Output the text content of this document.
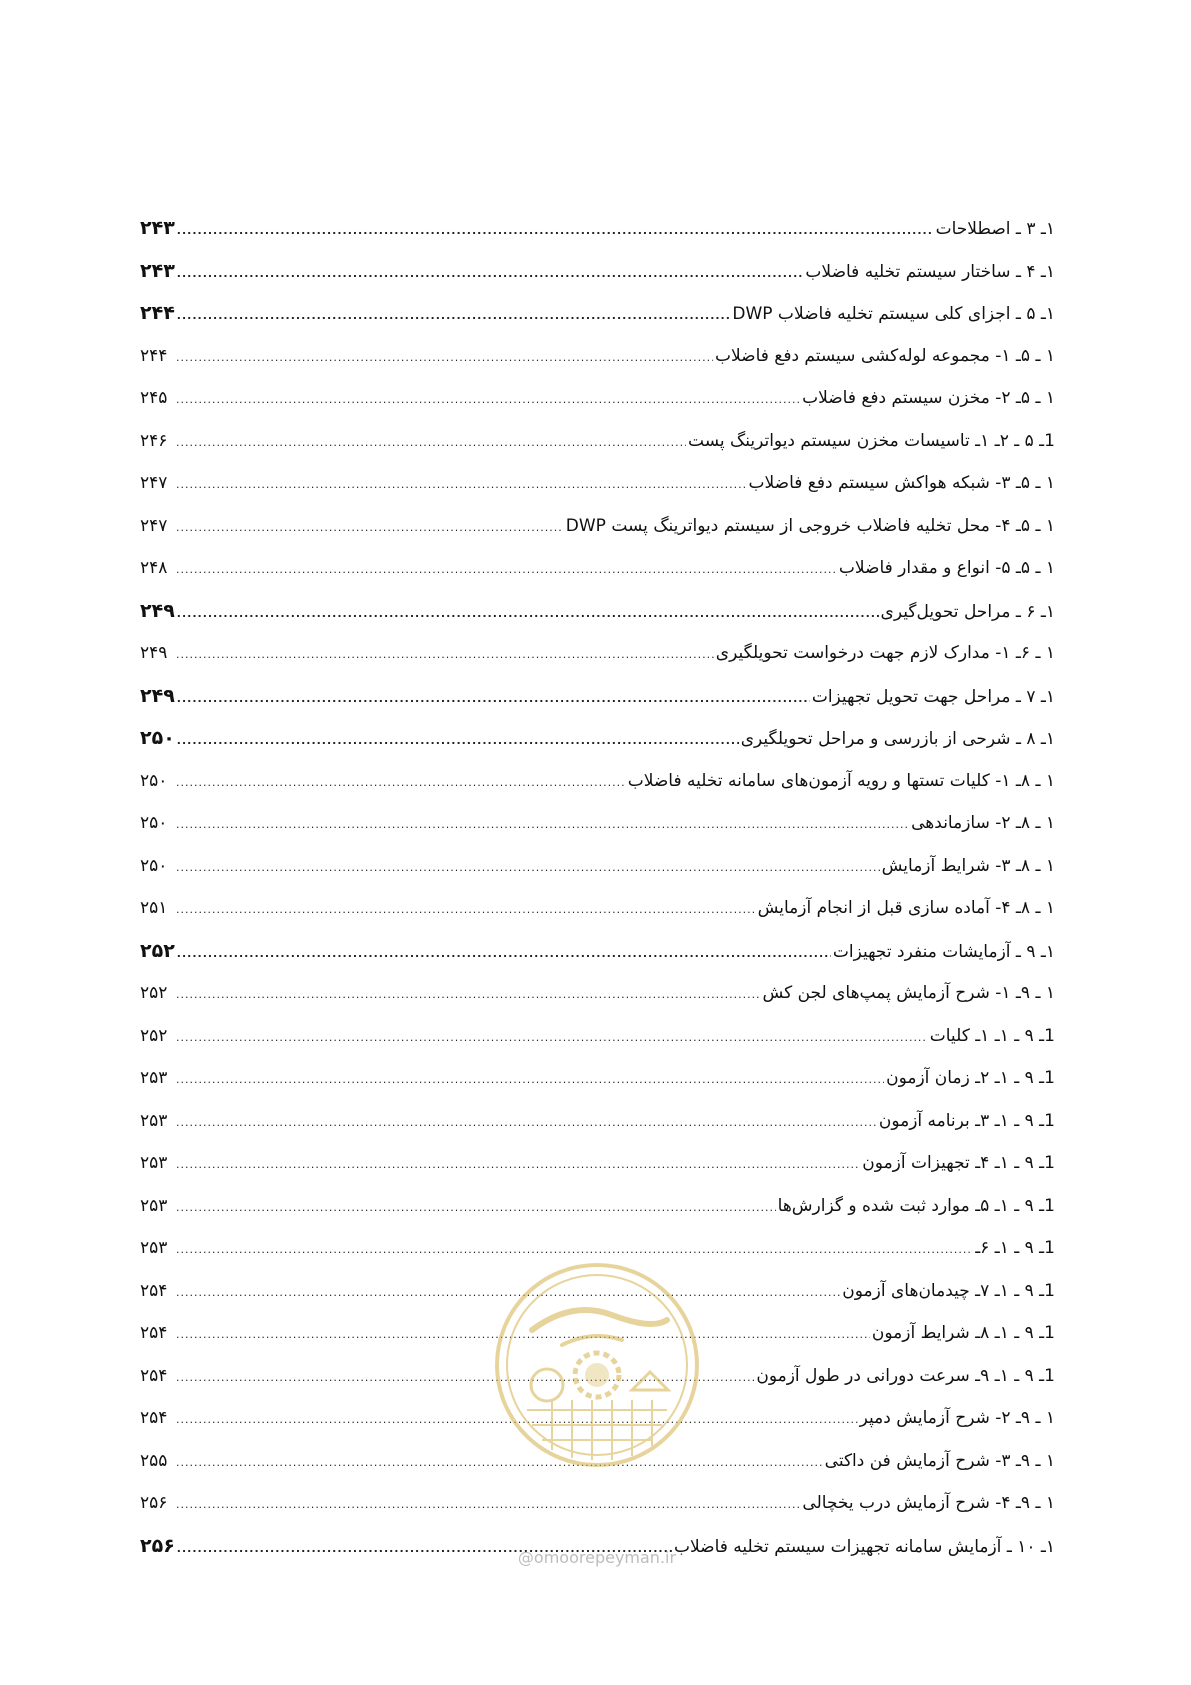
۱ـ ۳ ـ اصطلاحات
.....
۲۴۳
۱ـ ۴ ـ ساختار سیستم تخلیه فاضلاب
.....
۲۴۳
۱ـ ۵ ـ اجزای کلی سیستم تخلیه فاضلاب DWP
.....
۲۴۴
۱ ـ ۵ـ ۱- مجموعه لوله‌کشی سیستم دفع فاضلاب
.....
۲۴۴
۱ ـ ۵ـ ۲- مخزن سیستم دفع فاضلاب
.....
۲۴۵
1ـ ۵ ـ ۲ـ ۱ـ تاسیسات مخزن سیستم دیواترینگ پست
.....
۲۴۶
۱ ـ ۵ـ ۳- شبکه هواکش سیستم دفع فاضلاب
.....
۲۴۷
۱ ـ ۵ـ ۴- محل تخلیه فاضلاب خروجی از سیستم دیواترینگ پست DWP
.....
۲۴۷
۱ ـ ۵ـ ۵- انواع و مقدار فاضلاب
.....
۲۴۸
۱ـ ۶ ـ مراحل تحویل‌گیری
.....
۲۴۹
۱ ـ ۶ـ ۱- مدارک لازم جهت درخواست تحویلگیری
.....
۲۴۹
۱ـ ۷ ـ مراحل جهت تحویل تجهیزات
.....
۲۴۹
۱ـ ۸ ـ شرحی از بازرسی و مراحل تحویلگیری
.....
۲۵۰
۱ ـ ۸ـ ۱- کلیات تستها و رویه آزمون‌های سامانه تخلیه فاضلاب
.....
۲۵۰
۱ ـ ۸ـ ۲- سازماندهی
.....
۲۵۰
۱ ـ ۸ـ ۳- شرایط آزمایش
.....
۲۵۰
۱ ـ ۸ـ ۴- آماده سازی قبل از انجام آزمایش
.....
۲۵۱
۱ـ ۹ ـ آزمایشات منفرد تجهیزات
.....
۲۵۲
۱ ـ ۹ـ ۱- شرح آزمایش پمپ‌های لجن کش
.....
۲۵۲
1ـ ۹ ـ ۱ـ ۱ـ کلیات
.....
۲۵۲
1ـ ۹ ـ ۱ـ ۲ـ زمان آزمون
.....
۲۵۳
1ـ ۹ ـ ۱ـ ۳ـ برنامه آزمون
.....
۲۵۳
1ـ ۹ ـ ۱ـ ۴ـ تجهیزات آزمون
.....
۲۵۳
1ـ ۹ ـ ۱ـ ۵ـ موارد ثبت شده و گزارش‌ها
.....
۲۵۳
1ـ ۹ ـ ۱ـ ۶ـ
.....
۲۵۳
1ـ ۹ ـ ۱ـ ۷ـ چیدمان‌های آزمون
.....
۲۵۴
1ـ ۹ ـ ۱ـ ۸ـ شرایط آزمون
.....
۲۵۴
1ـ ۹ ـ ۱ـ ۹ـ سرعت دورانی در طول آزمون
.....
۲۵۴
۱ ـ ۹ـ ۲- شرح آزمایش دمپر
.....
۲۵۴
۱ ـ ۹ـ ۳- شرح آزمایش فن داکتی
.....
۲۵۵
۱ ـ ۹ـ ۴- شرح آزمایش درب یخچالی
.....
۲۵۶
۱ـ ۱۰ ـ آزمایش سامانه تجهیزات سیستم تخلیه فاضلاب
.....
۲۵۶
@omoorepeyman.ir
